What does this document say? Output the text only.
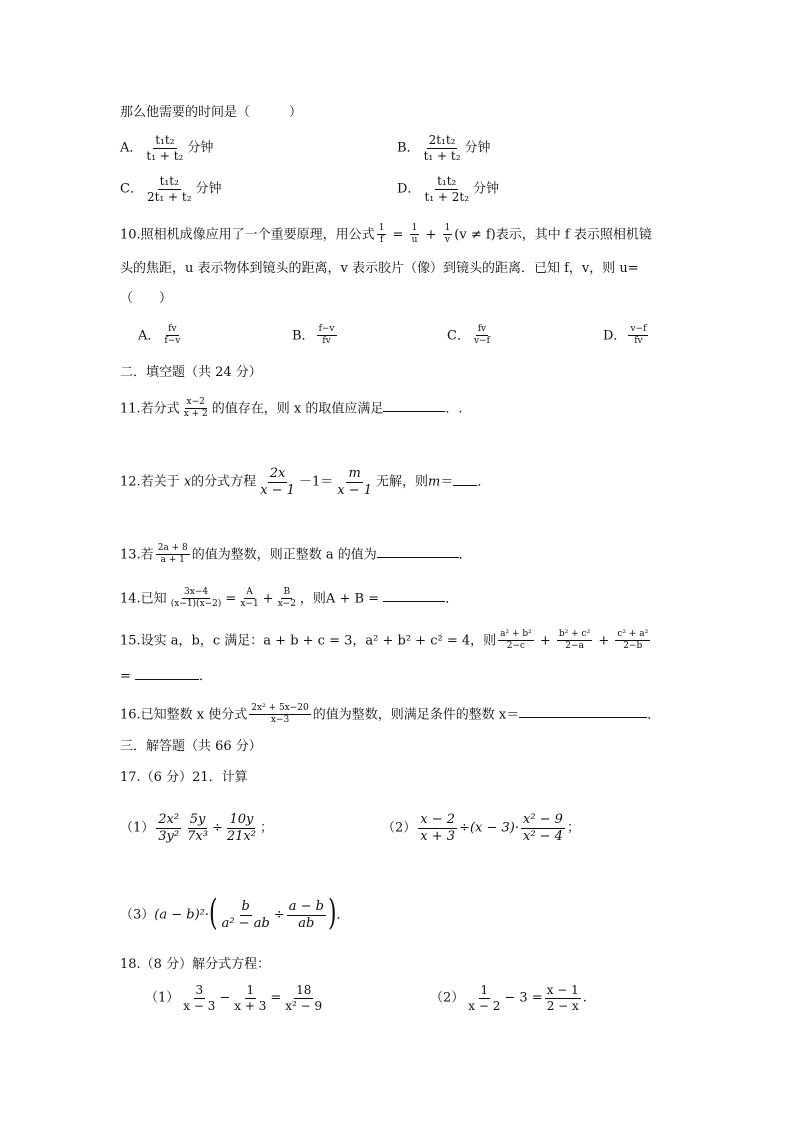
那么他需要的时间是（　　　）
A． $\frac{\text{t₁t₂}}{\text{t₁ + t₂}}$ 分钟	B． $\frac{\text{2t₁t₂}}{\text{t₁ + t₂}}$ 分钟
C． $\frac{\text{t₁t₂}}{\text{2t₁ + t₂}}$ 分钟	D． $\frac{\text{t₁t₂}}{\text{t₁ + 2t₂}}$ 分钟
10.照相机成像应用了一个重要原理，用公式 $\frac{1}{f} = \frac{1}{u} + \frac{1}{v} (v \ne f)$表示，其中 f 表示照相机镜
头的焦距，u 表示物体到镜头的距离，v 表示胶片（像）到镜头的距离．已知 f，v，则 u=
（　　）
A． $\frac{fv}{f-v}$	B． $\frac{f-v}{fv}$	C． $\frac{fv}{v-f}$	D． $\frac{v-f}{fv}$
二．填空题（共 24 分）
11.若分式 $\frac{x-2}{x + 2}$ 的值存在，则 x 的取值应满足	．.
12.若关于 x的分式方程 $\frac{2x}{x - 1} -1= \frac{m}{x - 1}$ 无解，则m＝ ．
13.若 $\frac{2a + 8}{a + 1}$ 的值为整数，则正整数 a 的值为	．
14.已知 $\frac{3x-4}{(x-1)(x-2)} = \frac{A}{x-1} + \frac{B}{x-2}$ ，则A + B =	．
15.设实 a，b，c 满足：a + b + c = 3，a² + b² + c² = 4，则 $\frac{\text{a² + b²}}{2-c} + \frac{\text{b² + c²}}{2-a} + \frac{\text{c² + a²}}{2-b}$
=	．
16.已知整数 x 使分式 $\frac{\text{2x² + 5x−20}}{x-3}$ 的值为整数，则满足条件的整数 x＝	．
三．解答题（共 66 分）
17.（6 分）21．计算
$(1) \frac{\text{2x²}}{\text{3y²}} \frac{5y}{\text{7x³}} \div \frac{10y}{\text{21x²}}$ ；	$(2) \frac{x - 2}{x + 3} \div(x - 3)\cdot \frac{\text{x² − 9}}{\text{x² − 4}}$ ；
$(3)(a - b)^2\cdot( \frac{b}{\text{a² − ab}} \div \frac{a - b}{ab}$ )．
18.（8 分）解分式方程：
$(1) \frac{3}{x - 3} - \frac{1}{x + 3} = \frac{18}{\text{x² − 9}}$	$(2) \frac{1}{x - 2} - 3 = \frac{x - 1}{2 - x}$ .
